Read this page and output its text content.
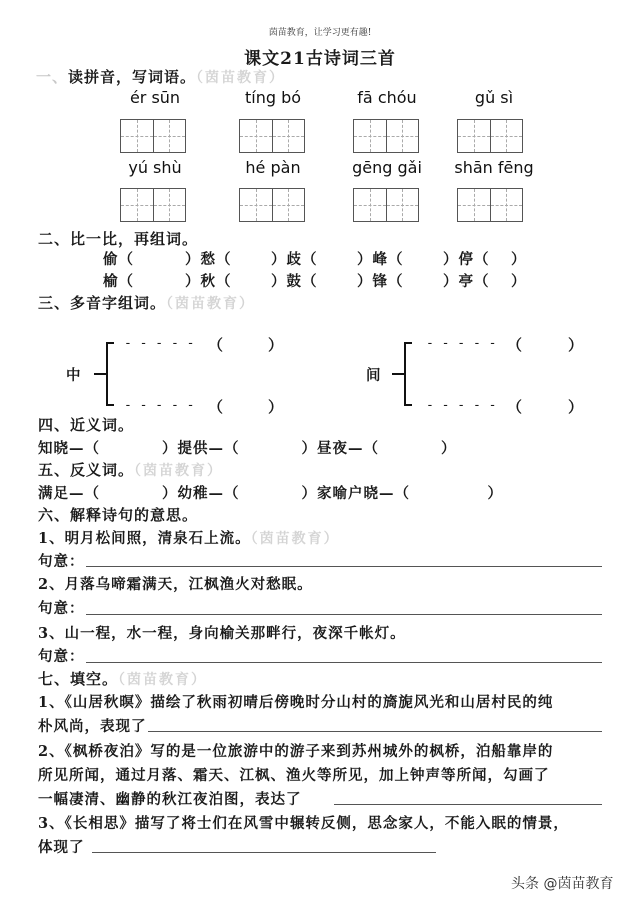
茵苗教育，让学习更有趣!
课文21古诗词三首
一、读拼音，写词语。（茵苗教育）
ér sūn	tíng bó	fā chóu	gǔ sì
yú shù	hé pàn	gēng gǎi	shān fēng
二、比一比，再组词。
偷（	）愁（	）歧（	）峰（	）停（ ）
榆（	）秋（	）鼓（	）锋（	）亭（ ）
三、多音字组词。（茵苗教育）
中
- - - - -
- - - - -
（	）
（	）
间
- - - - -
- - - - -
（	）
（	）
四、近义词。
知晓—（　　　　）提供—（　　　　）昼夜—（　　　　）
五、反义词。（茵苗教育）
满足—（　　　　）幼稚—（　　　　）家喻户晓—（　　　　　）
六、解释诗句的意思。
1、明月松间照，清泉石上流。（茵苗教育）
句意：
2、月落乌啼霜满天，江枫渔火对愁眠。
句意：
3、山一程，水一程，身向榆关那畔行，夜深千帐灯。
句意：
七、填空。（茵苗教育）
1、《山居秋暝》描绘了秋雨初晴后傍晚时分山村的旖旎风光和山居村民的纯
朴风尚，表现了
2、《枫桥夜泊》写的是一位旅游中的游子来到苏州城外的枫桥，泊船靠岸的
所见所闻，通过月落、霜天、江枫、渔火等所见，加上钟声等所闻，勾画了
一幅凄清、幽静的秋江夜泊图，表达了
3、《长相思》描写了将士们在风雪中辗转反侧，思念家人，不能入眠的情景，
体现了
头条 @茵苗教育
